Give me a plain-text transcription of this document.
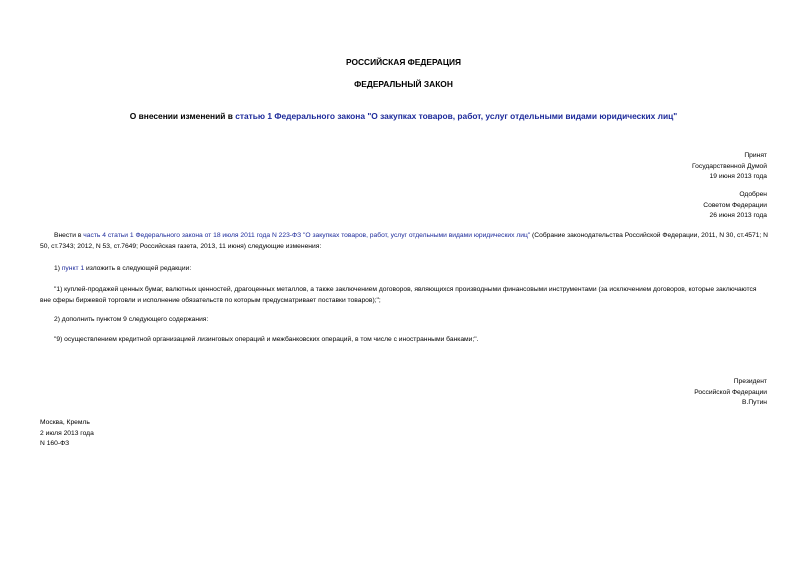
РОССИЙСКАЯ ФЕДЕРАЦИЯ
ФЕДЕРАЛЬНЫЙ ЗАКОН
О внесении изменений в статью 1 Федерального закона "О закупках товаров, работ, услуг отдельными видами юридических лиц"
Принят
Государственной Думой
19 июня 2013 года
Одобрен
Советом Федерации
26 июня 2013 года
Внести в часть 4 статьи 1 Федерального закона от 18 июля 2011 года N 223-ФЗ "О закупках товаров, работ, услуг отдельными видами юридических лиц" (Собрание законодательства Российской Федерации, 2011, N 30, ст.4571; N 50, ст.7343; 2012, N 53, ст.7649; Российская газета, 2013, 11 июня) следующие изменения:
1) пункт 1 изложить в следующей редакции:
"1) куплей-продажей ценных бумаг, валютных ценностей, драгоценных металлов, а также заключением договоров, являющихся производными финансовыми инструментами (за исключением договоров, которые заключаются вне сферы биржевой торговли и исполнение обязательств по которым предусматривает поставки товаров);";
2) дополнить пунктом 9 следующего содержания:
"9) осуществлением кредитной организацией лизинговых операций и межбанковских операций, в том числе с иностранными банками;".
Президент
Российской Федерации
В.Путин
Москва, Кремль
2 июля 2013 года
N 160-ФЗ
